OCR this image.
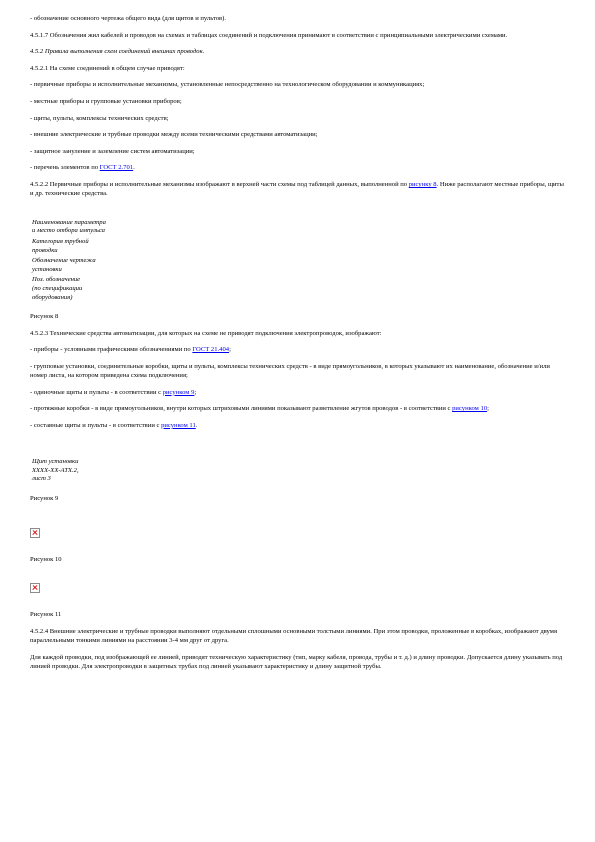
- обозначение основного чертежа общего вида (для щитов и пультов).

4.5.1.7 Обозначения жил кабелей и проводов на схемах и таблицах соединений и подключения принимают в соответствии с принципиальными электрическими схемами.

4.5.2 Правила выполнения схем соединений внешних проводок.

4.5.2.1 На схеме соединений в общем случае приводят:

- первичные приборы и исполнительные механизмы, установленные непосредственно на технологическом оборудовании и коммуникациях;

- местные приборы и групповые установки приборов;

- щиты, пульты, комплексы технических средств;

- внешние электрические и трубные проводки между всеми техническими средствами автоматизации;

- защитное зануление и заземление систем автоматизации;

- перечень элементов по ГОСТ 2.701.

4.5.2.2 Первичные приборы и исполнительные механизмы изображают в верхней части схемы под таблицей данных, выполненной по рисунку 8. Ниже располагают местные приборы, щиты и др. технические средства.

Наименование параметра
и место отбора импульса
Категория трубной
проводки
Обозначение чертежа
установки
Поз. обозначение
(по спецификации
оборудования)

Рисунок 8

4.5.2.3 Технические средства автоматизации, для которых на схеме не приводят подключения электропроводок, изображают:

- приборы - условными графическими обозначениями по ГОСТ 21.404;

- групповые установки, соединительные коробки, щиты и пульты, комплексы технических средств - в виде прямоугольников, в которых указывают их наименование, обозначение и/или номер листа, на котором приведена схема подключения;

- одиночные щиты и пульты - в соответствии с рисунком 9;

- протяжные коробки - в виде прямоугольников, внутри которых штриховыми линиями показывают разветвление жгутов проводов - в соответствии с рисунком 10;

- составные щиты и пульты - в соответствии с рисунком 11.

Щит установки
ХХХХ-ХХ-АТХ.2,
лист 3

Рисунок 9

Рисунок 10

Рисунок 11

4.5.2.4 Внешние электрические и трубные проводки выполняют отдельными сплошными основными толстыми линиями. При этом проводки, проложенные в коробках, изображают двумя параллельными тонкими линиями на расстоянии 3-4 мм друг от друга.

Для каждой проводки, под изображающей ее линией, приводят техническую характеристику (тип, марку кабеля, провода, трубы и т. д.) и длину проводки. Допускается длину указывать под линией проводки. Для электропроводки в защитных трубах под линией указывают характеристику и длину защитной трубы.
